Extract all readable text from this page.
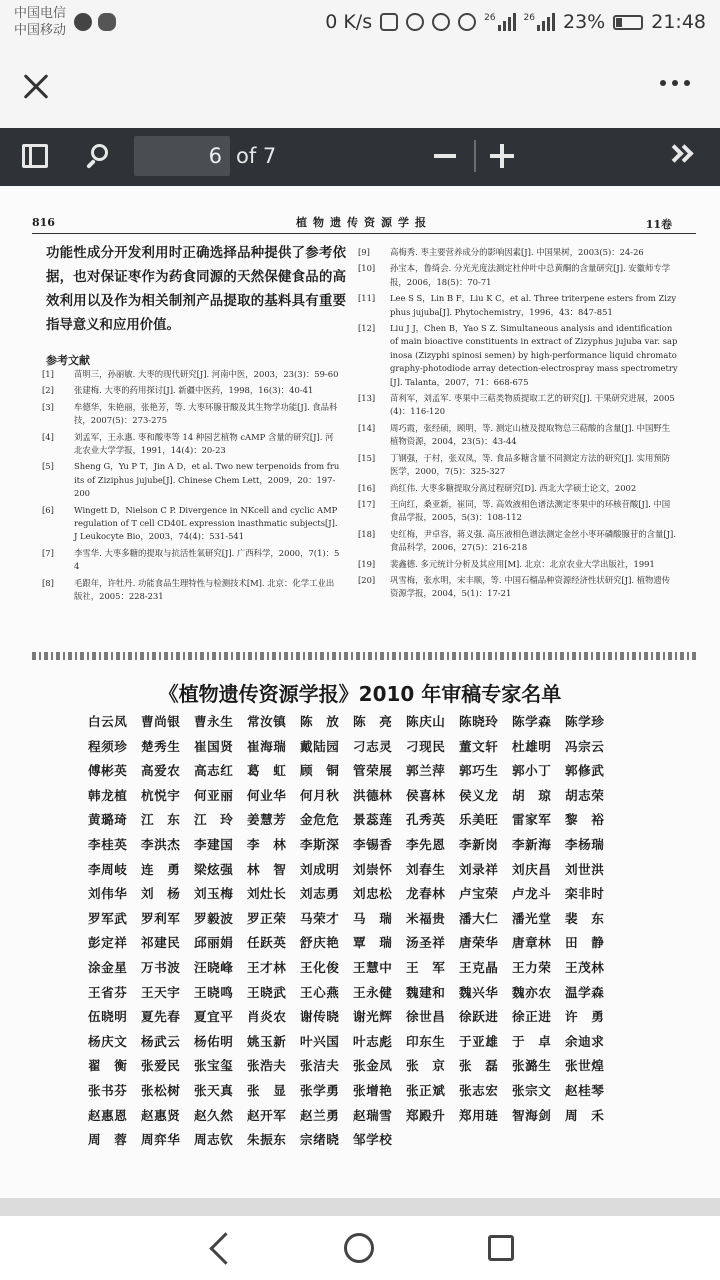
中国电信
中国移动	0 K/s	26	26 23% 21:48
6 of 7
816	植物遗传资源学报	11卷
功能性成分开发利用时正确选择品种提供了参考依据，也对保证枣作为药食同源的天然保健食品的高效利用以及作为相关制剂产品提取的基料具有重要指导意义和应用价值。
参考文献
[1] 苗明三，孙丽敏. 大枣的现代研究[J]. 河南中医，2003，23(3)：59-60
[2] 张建梅. 大枣的药用探讨[J]. 新疆中医药，1998，16(3)：40-41
[3] 牟德华，朱艳丽，张艳芳，等. 大枣环腺苷酸及其生物学功能[J]. 食品科技，2007(5)：273-275
[4] 刘孟军，王永惠. 枣和酸枣等 14 种园艺植物 cAMP 含量的研究[J]. 河北农业大学学报，1991，14(4)：20-23
[5] Sheng G，Yu P T，Jin A D，et al. Two new terpenoids from fruits of Ziziphus jujube[J]. Chinese Chem Lett，2009，20：197-200
[6] Wingett D，Nielson C P. Divergence in NKcell and cyclic AMP regulation of T cell CD40L expression inasthmatic subjects[J]. J Leukocyte Bio，2003，74(4)：531-541
[7] 李雪华. 大枣多糖的提取与抗活性氧研究[J]. 广西科学，2000，7(1)：54
[8] 毛跟年，许牡丹. 功能食品生理特性与检测技术[M]. 北京：化学工业出版社，2005：228-231
[9] 高梅秀. 枣主要营养成分的影响因素[J]. 中国果树，2003(5)：24-26
[10] 孙宝本，鲁绮会. 分光光度法测定杜仲叶中总黄酮的含量研究[J]. 安徽师专学报，2006，18(5)：70-71
[11] Lee S S，Lin B F，Liu K C，et al. Three triterpene esters from Zizyphus jujuba[J]. Phytochemistry，1996，43：847-851
[12] Liu J J，Chen B，Yao S Z. Simultaneous analysis and identification of main bioactive constituents in extract of Zizyphus jujuba var. sapinosa (Zizyphi spinosi semen) by high-performance liquid chromatography-photodiode array detection-electrospray mass spectrometry[J]. Talanta，2007，71：668-675
[13] 苗利军，刘孟军. 枣果中三萜类物质提取工艺的研究[J]. 干果研究进展，2005(4)：116-120
[14] 周巧霞，张经硕，顾明，等. 测定山楂及提取物总三萜酸的含量[J]. 中国野生植物资源，2004，23(5)：43-44
[15] 丁钢强，于村，张双凤，等. 食品多糖含量不同测定方法的研究[J]. 实用预防医学，2000，7(5)：325-327
[16] 尚红伟. 大枣多糖提取分离过程研究[D]. 西北大学硕士论文，2002
[17] 王向红，桑亚新，崔同，等. 高效液相色谱法测定枣果中的环核苷酸[J]. 中国食品学报，2005，5(3)：108-112
[18] 史红梅，尹卓容，蒋义强. 高压液相色谱法测定金丝小枣环磷酸腺苷的含量[J]. 食品科学，2006，27(5)：216-218
[19] 裴鑫德. 多元统计分析及其应用[M]. 北京：北京农业大学出版社，1991
[20] 巩雪梅，张水明，宋丰顺，等. 中国石榴品种资源经济性状研究[J]. 植物遗传资源学报，2004，5(1)：17-21
《植物遗传资源学报》2010 年审稿专家名单
白云凤	曹尚银	曹永生	常汝镇	陈　放	陈　亮	陈庆山	陈晓玲	陈学森	陈学珍
程须珍	楚秀生	崔国贤	崔海瑞	戴陆园	刁志灵	刁现民	董文轩	杜雄明	冯宗云
傅彬英	高爱农	高志红	葛　虹	顾　铜	管荣展	郭兰萍	郭巧生	郭小丁	郭修武
韩龙植	杭悦宇	何亚丽	何业华	何月秋	洪德林	侯喜林	侯义龙	胡　琼	胡志荣
黄璐琦	江　东	江　玲	姜慧芳	金危危	景蕊莲	孔秀英	乐美旺	雷家军	黎　裕
李桂英	李洪杰	李建国	李　林	李斯深	李锡香	李先恩	李新岗	李新海	李杨瑞
李周岐	连　勇	梁炫强	林　智	刘成明	刘崇怀	刘春生	刘录祥	刘庆昌	刘世洪
刘伟华	刘　杨	刘玉梅	刘灶长	刘志勇	刘忠松	龙春林	卢宝荣	卢龙斗	栾非时
罗军武	罗利军	罗毅波	罗正荣	马荣才	马　瑞	米福贵	潘大仁	潘光堂	裴　东
彭定祥	祁建民	邱丽娟	任跃英	舒庆艳	覃　瑞	汤圣祥	唐荣华	唐章林	田　静
涂金星	万书波	汪晓峰	王才林	王化俊	王慧中	王　军	王克晶	王力荣	王茂林
王省芬	王天宇	王晓鸣	王晓武	王心燕	王永健	魏建和	魏兴华	魏亦农	温学森
伍晓明	夏先春	夏宜平	肖炎农	谢传晓	谢光辉	徐世昌	徐跃进	徐正进	许　勇
杨庆文	杨武云	杨佑明	姚玉新	叶兴国	叶志彪	印东生	于亚雄	于　卓	余迪求
翟　衡	张爱民	张宝玺	张浩夫	张洁夫	张金凤	张　京	张　磊	张潞生	张世煌
张书芬	张松树	张天真	张　显	张学勇	张增艳	张正斌	张志宏	张宗文	赵桂琴
赵惠恩	赵惠贤	赵久然	赵开军	赵兰勇	赵瑞雪	郑殿升	郑用琏	智海剑	周　禾
周　蓉	周弈华	周志钦	朱振东	宗绪晓	邹学校
